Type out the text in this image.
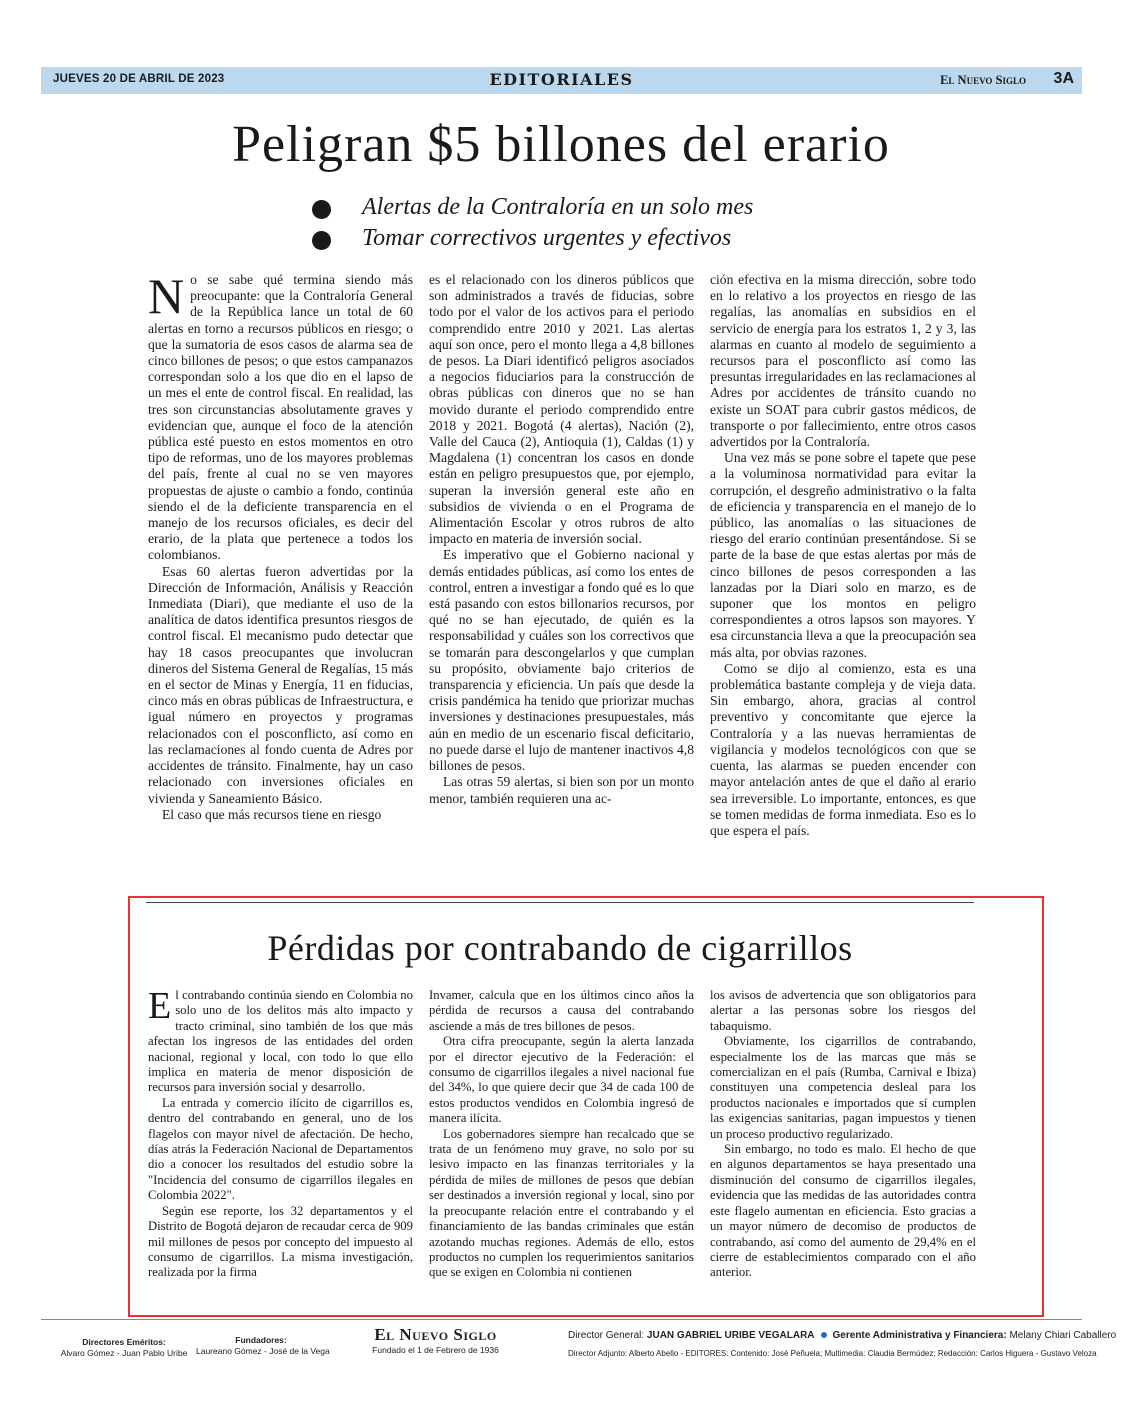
JUEVES 20 DE ABRIL DE 2023	EDITORIALES	El Nuevo Siglo 3A
Peligran $5 billones del erario
Alertas de la Contraloría en un solo mes
Tomar correctivos urgentes y efectivos

No se sabe qué termina siendo más preocupante: que la Contraloría General de la República lance un total de 60 alertas en torno a recursos públicos en riesgo; o que la sumatoria de esos casos de alarma sea de cinco billones de pesos; o que estos campanazos correspondan solo a los que dio en el lapso de un mes el ente de control fiscal. En realidad, las tres son circunstancias absolutamente graves y evidencian que, aunque el foco de la atención pública esté puesto en estos momentos en otro tipo de reformas, uno de los mayores problemas del país, frente al cual no se ven mayores propuestas de ajuste o cambio a fondo, continúa siendo el de la deficiente transparencia en el manejo de los recursos oficiales, es decir del erario, de la plata que pertenece a todos los colombianos.

Esas 60 alertas fueron advertidas por la Dirección de Información, Análisis y Reacción Inmediata (Diari), que mediante el uso de la analítica de datos identifica presuntos riesgos de control fiscal. El mecanismo pudo detectar que hay 18 casos preocupantes que involucran dineros del Sistema General de Regalías, 15 más en el sector de Minas y Energía, 11 en fiducias, cinco más en obras públicas de Infraestructura, e igual número en proyectos y programas relacionados con el posconflicto, así como en las reclamaciones al fondo cuenta de Adres por accidentes de tránsito. Finalmente, hay un caso relacionado con inversiones oficiales en vivienda y Saneamiento Básico.

El caso que más recursos tiene en riesgo

es el relacionado con los dineros públicos que son administrados a través de fiducias, sobre todo por el valor de los activos para el periodo comprendido entre 2010 y 2021. Las alertas aquí son once, pero el monto llega a 4,8 billones de pesos. La Diari identificó peligros asociados a negocios fiduciarios para la construcción de obras públicas con dineros que no se han movido durante el periodo comprendido entre 2018 y 2021. Bogotá (4 alertas), Nación (2), Valle del Cauca (2), Antioquia (1), Caldas (1) y Magdalena (1) concentran los casos en donde están en peligro presupuestos que, por ejemplo, superan la inversión general este año en subsidios de vivienda o en el Programa de Alimentación Escolar y otros rubros de alto impacto en materia de inversión social.

Es imperativo que el Gobierno nacional y demás entidades públicas, así como los entes de control, entren a investigar a fondo qué es lo que está pasando con estos billonarios recursos, por qué no se han ejecutado, de quién es la responsabilidad y cuáles son los correctivos que se tomarán para descongelarlos y que cumplan su propósito, obviamente bajo criterios de transparencia y eficiencia. Un país que desde la crisis pandémica ha tenido que priorizar muchas inversiones y destinaciones presupuestales, más aún en medio de un escenario fiscal deficitario, no puede darse el lujo de mantener inactivos 4,8 billones de pesos.

Las otras 59 alertas, si bien son por un monto menor, también requieren una ac-

ción efectiva en la misma dirección, sobre todo en lo relativo a los proyectos en riesgo de las regalías, las anomalías en subsidios en el servicio de energía para los estratos 1, 2 y 3, las alarmas en cuanto al modelo de seguimiento a recursos para el posconflicto así como las presuntas irregularidades en las reclamaciones al Adres por accidentes de tránsito cuando no existe un SOAT para cubrir gastos médicos, de transporte o por fallecimiento, entre otros casos advertidos por la Contraloría.

Una vez más se pone sobre el tapete que pese a la voluminosa normatividad para evitar la corrupción, el desgreño administrativo o la falta de eficiencia y transparencia en el manejo de lo público, las anomalías o las situaciones de riesgo del erario continúan presentándose. Si se parte de la base de que estas alertas por más de cinco billones de pesos corresponden a las lanzadas por la Diari solo en marzo, es de suponer que los montos en peligro correspondientes a otros lapsos son mayores. Y esa circunstancia lleva a que la preocupación sea más alta, por obvias razones.

Como se dijo al comienzo, esta es una problemática bastante compleja y de vieja data. Sin embargo, ahora, gracias al control preventivo y concomitante que ejerce la Contraloría y a las nuevas herramientas de vigilancia y modelos tecnológicos con que se cuenta, las alarmas se pueden encender con mayor antelación antes de que el daño al erario sea irreversible. Lo importante, entonces, es que se tomen medidas de forma inmediata. Eso es lo que espera el país.

Pérdidas por contrabando de cigarrillos

El contrabando continúa siendo en Colombia no solo uno de los delitos más alto impacto y tracto criminal, sino también de los que más afectan los ingresos de las entidades del orden nacional, regional y local, con todo lo que ello implica en materia de menor disposición de recursos para inversión social y desarrollo.

La entrada y comercio ilícito de cigarrillos es, dentro del contrabando en general, uno de los flagelos con mayor nivel de afectación. De hecho, días atrás la Federación Nacional de Departamentos dio a conocer los resultados del estudio sobre la "Incidencia del consumo de cigarrillos ilegales en Colombia 2022".

Según ese reporte, los 32 departamentos y el Distrito de Bogotá dejaron de recaudar cerca de 909 mil millones de pesos por concepto del impuesto al consumo de cigarrillos. La misma investigación, realizada por la firma

Invamer, calcula que en los últimos cinco años la pérdida de recursos a causa del contrabando asciende a más de tres billones de pesos.

Otra cifra preocupante, según la alerta lanzada por el director ejecutivo de la Federación: el consumo de cigarrillos ilegales a nivel nacional fue del 34%, lo que quiere decir que 34 de cada 100 de estos productos vendidos en Colombia ingresó de manera ilícita.

Los gobernadores siempre han recalcado que se trata de un fenómeno muy grave, no solo por su lesivo impacto en las finanzas territoriales y la pérdida de miles de millones de pesos que debían ser destinados a inversión regional y local, sino por la preocupante relación entre el contrabando y el financiamiento de las bandas criminales que están azotando muchas regiones. Además de ello, estos productos no cumplen los requerimientos sanitarios que se exigen en Colombia ni contienen

los avisos de advertencia que son obligatorios para alertar a las personas sobre los riesgos del tabaquismo.

Obviamente, los cigarrillos de contrabando, especialmente los de las marcas que más se comercializan en el país (Rumba, Carnival e Ibiza) constituyen una competencia desleal para los productos nacionales e importados que sí cumplen las exigencias sanitarias, pagan impuestos y tienen un proceso productivo regularizado.

Sin embargo, no todo es malo. El hecho de que en algunos departamentos se haya presentado una disminución del consumo de cigarrillos ilegales, evidencia que las medidas de las autoridades contra este flagelo aumentan en eficiencia. Esto gracias a un mayor número de decomiso de productos de contrabando, así como del aumento de 29,4% en el cierre de establecimientos comparado con el año anterior.

Directores Eméritos:
Alvaro Gómez - Juan Pablo Uribe
Fundadores:
Laureano Gómez - José de la Vega
El Nuevo Siglo
Fundado el 1 de Febrero de 1936
Director General: JUAN GABRIEL URIBE VEGALARA Gerente Administrativa y Financiera: Melany Chiari Caballero
Director Adjunto: Alberto Abello - EDITORES: Contenido: José Peñuela; Multimedia: Claudia Bermúdez; Redacción: Carlos Higuera - Gustavo Veloza
